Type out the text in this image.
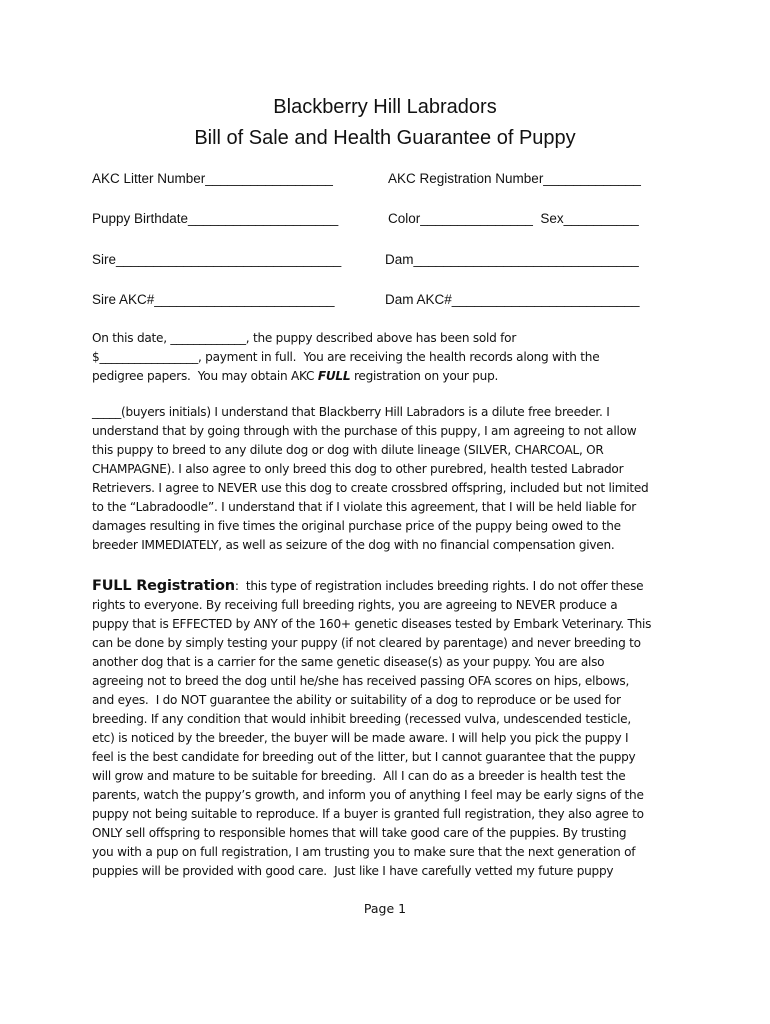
Blackberry Hill Labradors
Bill of Sale and Health Guarantee of Puppy
AKC Litter Number_________________	AKC Registration Number_____________
Puppy Birthdate____________________	Color_______________  Sex__________
Sire______________________________	Dam______________________________
Sire AKC#________________________	Dam AKC#_________________________
On this date, _____________, the puppy described above has been sold for
$_________________, payment in full.  You are receiving the health records along with the
pedigree papers.  You may obtain AKC FULL registration on your pup.
_____(buyers initials) I understand that Blackberry Hill Labradors is a dilute free breeder. I
understand that by going through with the purchase of this puppy, I am agreeing to not allow
this puppy to breed to any dilute dog or dog with dilute lineage (SILVER, CHARCOAL, OR
CHAMPAGNE). I also agree to only breed this dog to other purebred, health tested Labrador
Retrievers. I agree to NEVER use this dog to create crossbred offspring, included but not limited
to the “Labradoodle”. I understand that if I violate this agreement, that I will be held liable for
damages resulting in five times the original purchase price of the puppy being owed to the
breeder IMMEDIATELY, as well as seizure of the dog with no financial compensation given.
FULL Registration:  this type of registration includes breeding rights. I do not offer these
rights to everyone. By receiving full breeding rights, you are agreeing to NEVER produce a
puppy that is EFFECTED by ANY of the 160+ genetic diseases tested by Embark Veterinary. This
can be done by simply testing your puppy (if not cleared by parentage) and never breeding to
another dog that is a carrier for the same genetic disease(s) as your puppy. You are also
agreeing not to breed the dog until he/she has received passing OFA scores on hips, elbows,
and eyes.  I do NOT guarantee the ability or suitability of a dog to reproduce or be used for
breeding. If any condition that would inhibit breeding (recessed vulva, undescended testicle,
etc) is noticed by the breeder, the buyer will be made aware. I will help you pick the puppy I
feel is the best candidate for breeding out of the litter, but I cannot guarantee that the puppy
will grow and mature to be suitable for breeding.  All I can do as a breeder is health test the
parents, watch the puppy’s growth, and inform you of anything I feel may be early signs of the
puppy not being suitable to reproduce. If a buyer is granted full registration, they also agree to
ONLY sell offspring to responsible homes that will take good care of the puppies. By trusting
you with a pup on full registration, I am trusting you to make sure that the next generation of
puppies will be provided with good care.  Just like I have carefully vetted my future puppy
Page 1
